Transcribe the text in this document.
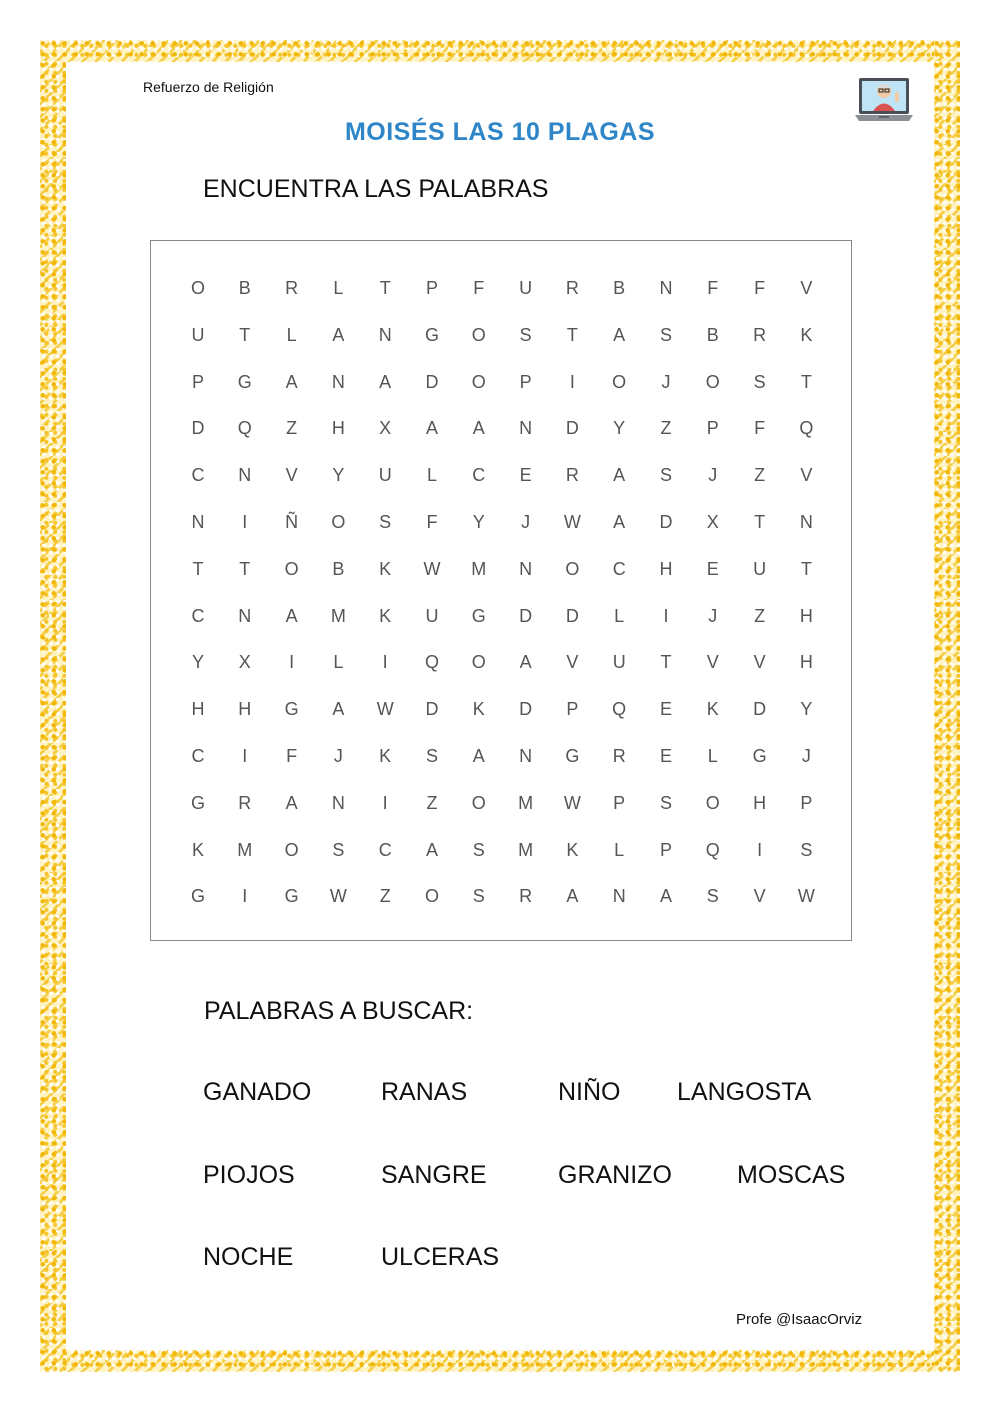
Refuerzo de Religión
MOISÉS LAS 10 PLAGAS
ENCUENTRA LAS PALABRAS
O	B	R	L	T	P	F	U	R	B	N	F	F	V
U	T	L	A	N	G	O	S	T	A	S	B	R	K
P	G	A	N	A	D	O	P	I	O	J	O	S	T
D	Q	Z	H	X	A	A	N	D	Y	Z	P	F	Q
C	N	V	Y	U	L	C	E	R	A	S	J	Z	V
N	I	Ñ	O	S	F	Y	J	W	A	D	X	T	N
T	T	O	B	K	W	M	N	O	C	H	E	U	T
C	N	A	M	K	U	G	D	D	L	I	J	Z	H
Y	X	I	L	I	Q	O	A	V	U	T	V	V	H
H	H	G	A	W	D	K	D	P	Q	E	K	D	Y
C	I	F	J	K	S	A	N	G	R	E	L	G	J
G	R	A	N	I	Z	O	M	W	P	S	O	H	P
K	M	O	S	C	A	S	M	K	L	P	Q	I	S
G	I	G	W	Z	O	S	R	A	N	A	S	V	W
PALABRAS A BUSCAR:
GANADO	RANAS	NIÑO LANGOSTA
PIOJOS	SANGRE	GRANIZO	MOSCAS
NOCHE	ULCERAS
Profe @IsaacOrviz
